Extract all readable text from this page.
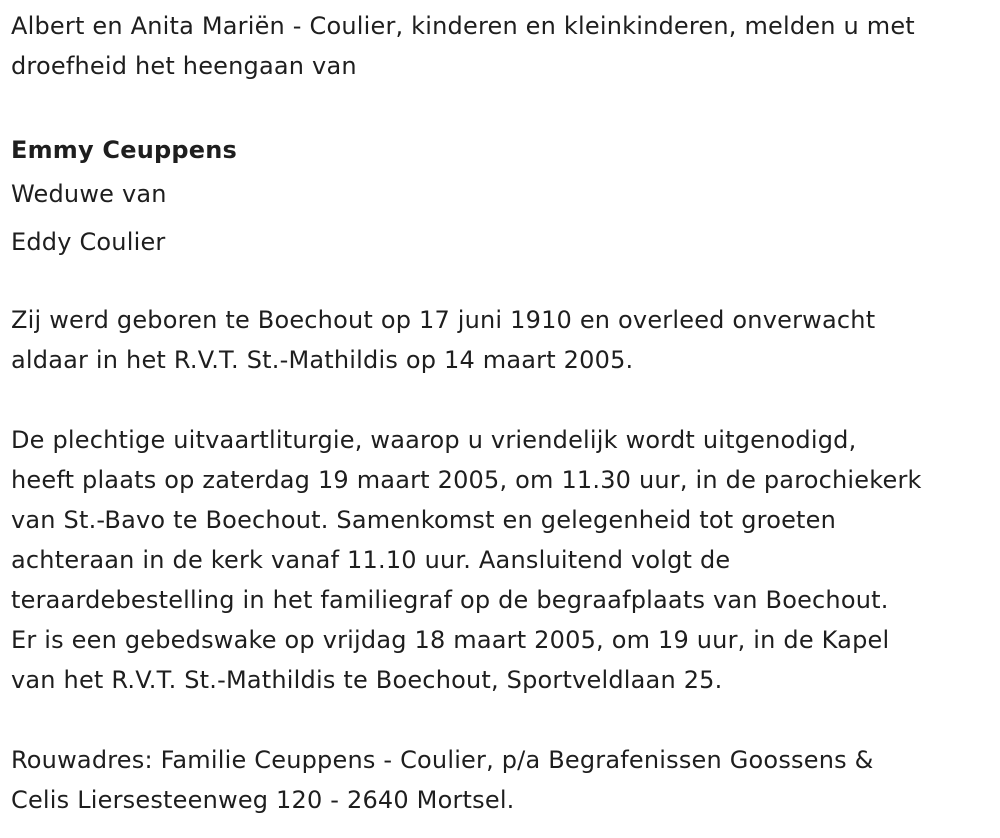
Albert en Anita Mariën - Coulier, kinderen en kleinkinderen, melden u met
droefheid het heengaan van

Emmy Ceuppens
Weduwe van
Eddy Coulier

Zij werd geboren te Boechout op 17 juni 1910 en overleed onverwacht
aldaar in het R.V.T. St.-Mathildis op 14 maart 2005.

De plechtige uitvaartliturgie, waarop u vriendelijk wordt uitgenodigd,
heeft plaats op zaterdag 19 maart 2005, om 11.30 uur, in de parochiekerk
van St.-Bavo te Boechout. Samenkomst en gelegenheid tot groeten
achteraan in de kerk vanaf 11.10 uur. Aansluitend volgt de
teraardebestelling in het familiegraf op de begraafplaats van Boechout.
Er is een gebedswake op vrijdag 18 maart 2005, om 19 uur, in de Kapel
van het R.V.T. St.-Mathildis te Boechout, Sportveldlaan 25.

Rouwadres: Familie Ceuppens - Coulier, p/a Begrafenissen Goossens &
Celis Liersesteenweg 120 - 2640 Mortsel.
